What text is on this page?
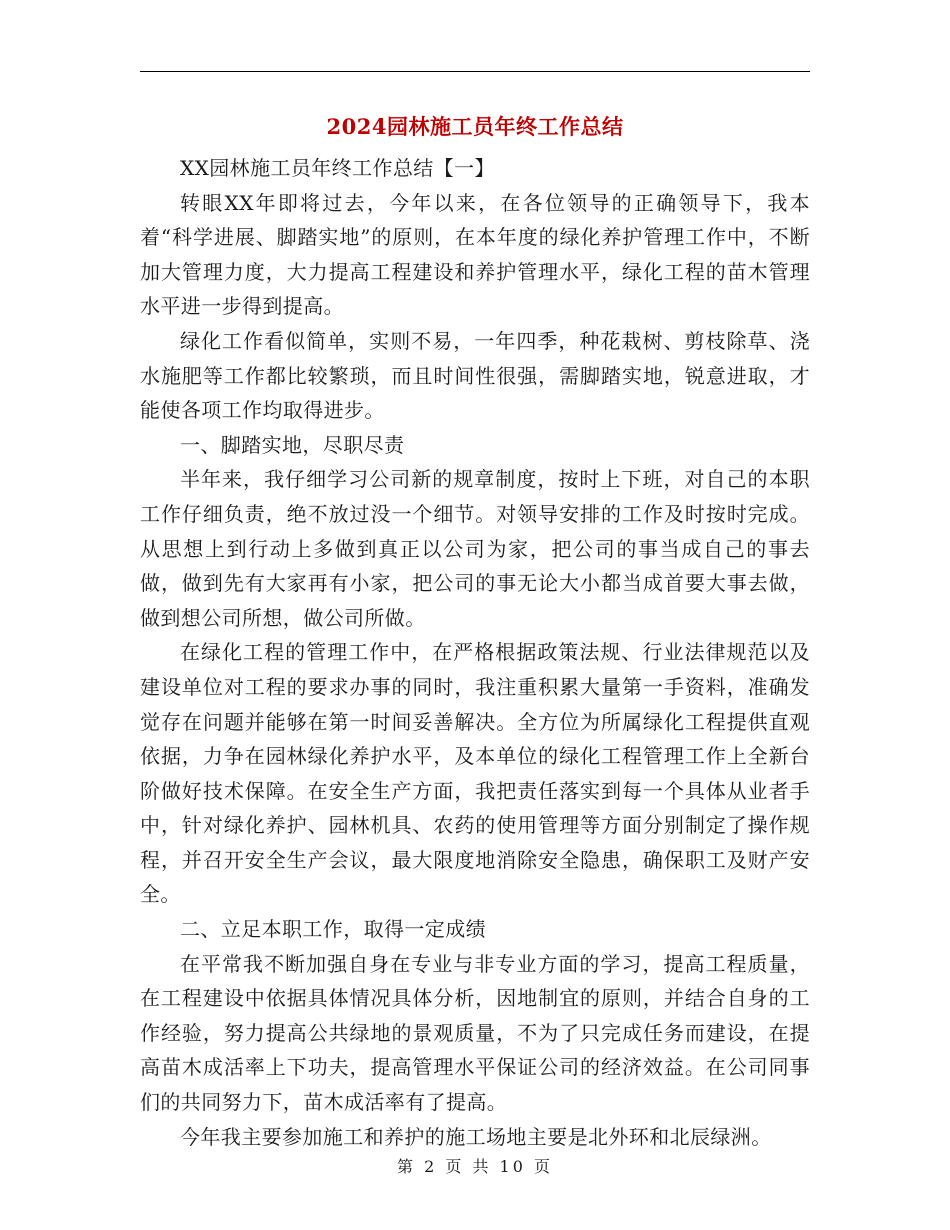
2024园林施工员年终工作总结

XX园林施工员年终工作总结【一】

转眼XX年即将过去，今年以来，在各位领导的正确领导下，我本着“科学进展、脚踏实地”的原则，在本年度的绿化养护管理工作中，不断加大管理力度，大力提高工程建设和养护管理水平，绿化工程的苗木管理水平进一步得到提高。

绿化工作看似简单，实则不易，一年四季，种花栽树、剪枝除草、浇水施肥等工作都比较繁琐，而且时间性很强，需脚踏实地，锐意进取，才能使各项工作均取得进步。

一、脚踏实地，尽职尽责

半年来，我仔细学习公司新的规章制度，按时上下班，对自己的本职工作仔细负责，绝不放过没一个细节。对领导安排的工作及时按时完成。从思想上到行动上多做到真正以公司为家，把公司的事当成自己的事去做，做到先有大家再有小家，把公司的事无论大小都当成首要大事去做，做到想公司所想，做公司所做。

在绿化工程的管理工作中，在严格根据政策法规、行业法律规范以及建设单位对工程的要求办事的同时，我注重积累大量第一手资料，准确发觉存在问题并能够在第一时间妥善解决。全方位为所属绿化工程提供直观依据，力争在园林绿化养护水平，及本单位的绿化工程管理工作上全新台阶做好技术保障。在安全生产方面，我把责任落实到每一个具体从业者手中，针对绿化养护、园林机具、农药的使用管理等方面分别制定了操作规程，并召开安全生产会议，最大限度地消除安全隐患，确保职工及财产安全。

二、立足本职工作，取得一定成绩

在平常我不断加强自身在专业与非专业方面的学习，提高工程质量，在工程建设中依据具体情况具体分析，因地制宜的原则，并结合自身的工作经验，努力提高公共绿地的景观质量，不为了只完成任务而建设，在提高苗木成活率上下功夫，提高管理水平保证公司的经济效益。在公司同事们的共同努力下，苗木成活率有了提高。

今年我主要参加施工和养护的施工场地主要是北外环和北辰绿洲。

第 2 页 共 10 页
